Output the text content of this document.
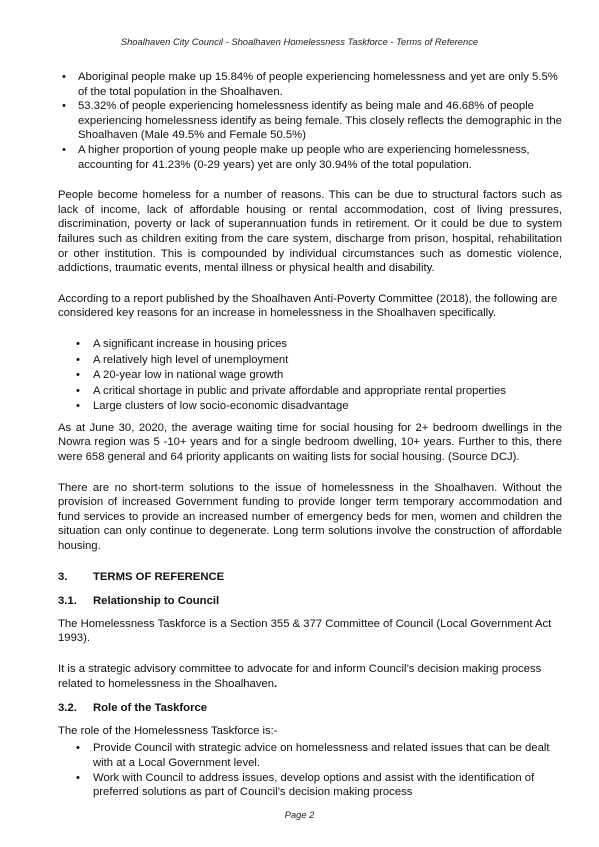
Shoalhaven City Council - Shoalhaven Homelessness Taskforce - Terms of Reference
• Aboriginal people make up 15.84% of people experiencing homelessness and yet are only 5.5% of the total population in the Shoalhaven.
• 53.32% of people experiencing homelessness identify as being male and 46.68% of people experiencing homelessness identify as being female. This closely reflects the demographic in the Shoalhaven (Male 49.5% and Female 50.5%)
• A higher proportion of young people make up people who are experiencing homelessness, accounting for 41.23% (0-29 years) yet are only 30.94% of the total population.

People become homeless for a number of reasons. This can be due to structural factors such as lack of income, lack of affordable housing or rental accommodation, cost of living pressures, discrimination, poverty or lack of superannuation funds in retirement. Or it could be due to system failures such as children exiting from the care system, discharge from prison, hospital, rehabilitation or other institution. This is compounded by individual circumstances such as domestic violence, addictions, traumatic events, mental illness or physical health and disability.

According to a report published by the Shoalhaven Anti-Poverty Committee (2018), the following are considered key reasons for an increase in homelessness in the Shoalhaven specifically.

• A significant increase in housing prices
• A relatively high level of unemployment
• A 20-year low in national wage growth
• A critical shortage in public and private affordable and appropriate rental properties
• Large clusters of low socio-economic disadvantage

As at June 30, 2020, the average waiting time for social housing for 2+ bedroom dwellings in the Nowra region was 5 -10+ years and for a single bedroom dwelling, 10+ years. Further to this, there were 658 general and 64 priority applicants on waiting lists for social housing. (Source DCJ).

There are no short-term solutions to the issue of homelessness in the Shoalhaven. Without the provision of increased Government funding to provide longer term temporary accommodation and fund services to provide an increased number of emergency beds for men, women and children the situation can only continue to degenerate. Long term solutions involve the construction of affordable housing.

3.	TERMS OF REFERENCE
3.1.	Relationship to Council

The Homelessness Taskforce is a Section 355 & 377 Committee of Council (Local Government Act 1993).

It is a strategic advisory committee to advocate for and inform Council’s decision making process related to homelessness in the Shoalhaven.

3.2.	Role of the Taskforce

The role of the Homelessness Taskforce is:-

• Provide Council with strategic advice on homelessness and related issues that can be dealt with at a Local Government level.
• Work with Council to address issues, develop options and assist with the identification of preferred solutions as part of Council’s decision making process
Page 2
